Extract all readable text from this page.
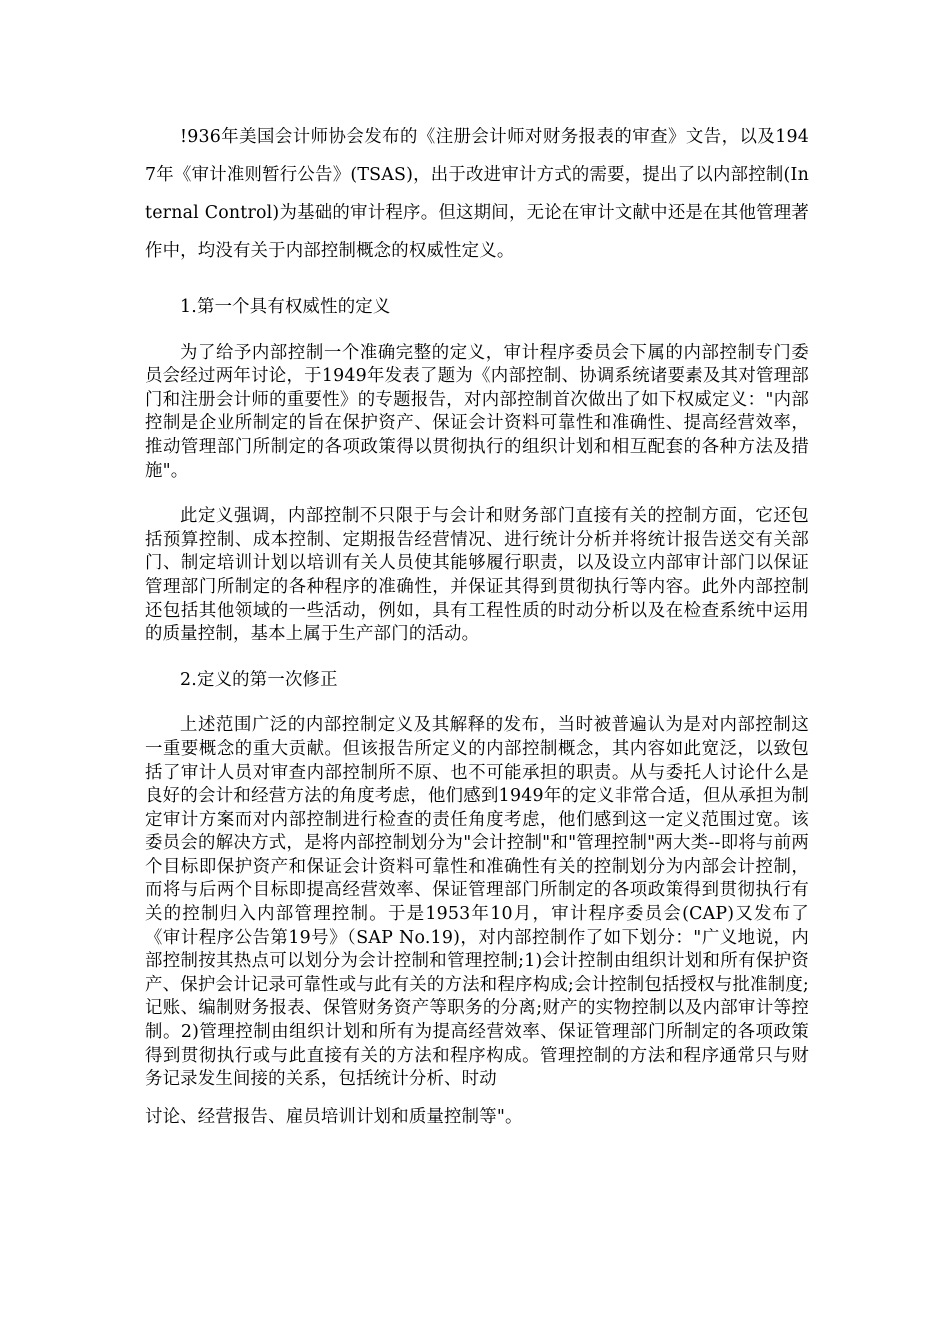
!936年美国会计师协会发布的《注册会计师对财务报表的审查》文告，以及1947年《审计准则暂行公告》(TSAS)，出于改进审计方式的需要，提出了以内部控制(Internal Control)为基础的审计程序。但这期间，无论在审计文献中还是在其他管理著作中，均没有关于内部控制概念的权威性定义。

1.第一个具有权威性的定义

为了给予内部控制一个准确完整的定义，审计程序委员会下属的内部控制专门委员会经过两年讨论，于1949年发表了题为《内部控制、协调系统诸要素及其对管理部门和注册会计师的重要性》的专题报告，对内部控制首次做出了如下权威定义："内部控制是企业所制定的旨在保护资产、保证会计资料可靠性和准确性、提高经营效率，推动管理部门所制定的各项政策得以贯彻执行的组织计划和相互配套的各种方法及措施"。

此定义强调，内部控制不只限于与会计和财务部门直接有关的控制方面，它还包括预算控制、成本控制、定期报告经营情况、进行统计分析并将统计报告送交有关部门、制定培训计划以培训有关人员使其能够履行职责，以及设立内部审计部门以保证管理部门所制定的各种程序的准确性，并保证其得到贯彻执行等内容。此外内部控制还包括其他领域的一些活动，例如，具有工程性质的时动分析以及在检查系统中运用的质量控制，基本上属于生产部门的活动。

2.定义的第一次修正

上述范围广泛的内部控制定义及其解释的发布，当时被普遍认为是对内部控制这一重要概念的重大贡献。但该报告所定义的内部控制概念，其内容如此宽泛，以致包括了审计人员对审查内部控制所不原、也不可能承担的职责。从与委托人讨论什么是良好的会计和经营方法的角度考虑，他们感到1949年的定义非常合适，但从承担为制定审计方案而对内部控制进行检查的责任角度考虑，他们感到这一定义范围过宽。该委员会的解决方式，是将内部控制划分为"会计控制"和"管理控制"两大类--即将与前两个目标即保护资产和保证会计资料可靠性和准确性有关的控制划分为内部会计控制，而将与后两个目标即提高经营效率、保证管理部门所制定的各项政策得到贯彻执行有关的控制归入内部管理控制。于是1953年10月，审计程序委员会(CAP)又发布了《审计程序公告第19号》（SAP No.19)，对内部控制作了如下划分："广义地说，内部控制按其热点可以划分为会计控制和管理控制;1)会计控制由组织计划和所有保护资产、保护会计记录可靠性或与此有关的方法和程序构成;会计控制包括授权与批准制度;记账、编制财务报表、保管财务资产等职务的分离;财产的实物控制以及内部审计等控制。2)管理控制由组织计划和所有为提高经营效率、保证管理部门所制定的各项政策得到贯彻执行或与此直接有关的方法和程序构成。管理控制的方法和程序通常只与财务记录发生间接的关系，包括统计分析、时动
讨论、经营报告、雇员培训计划和质量控制等"。
